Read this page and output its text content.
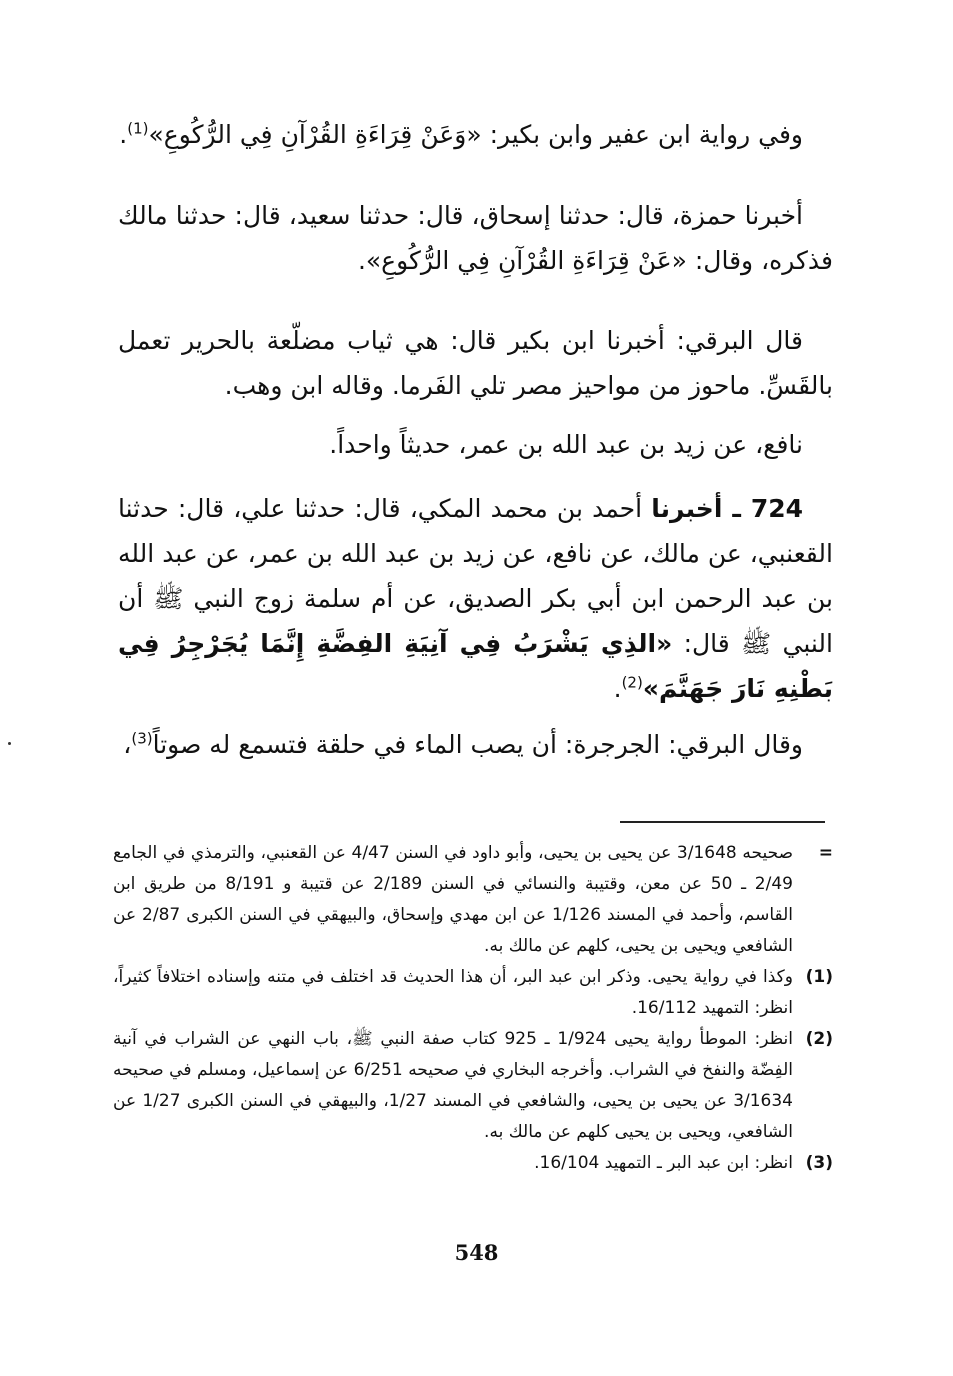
وفي رواية ابن عفير وابن بكير: «وَعَنْ قِرَاءَةِ القُرْآنِ فِي الرُّكُوعِ»$^{(1)}$.

أخبرنا حمزة، قال: حدثنا إسحاق، قال: حدثنا سعيد، قال: حدثنا مالك فذكره، وقال: «عَنْ قِرَاءَةِ القُرْآنِ فِي الرُّكُوعِ».

قال البرقي: أخبرنا ابن بكير قال: هي ثياب مضلّعة بالحرير تعمل بالقَسِّ. ماحوز من مواحيز مصر تلي الفَرما. وقاله ابن وهب.

نافع، عن زيد بن عبد الله بن عمر، حديثاً واحداً.

724 ـ أخبرنا أحمد بن محمد المكي، قال: حدثنا علي، قال: حدثنا القعنبي، عن مالك، عن نافع، عن زيد بن عبد الله بن عمر، عن عبد الله بن عبد الرحمن ابن أبي بكر الصديق، عن أم سلمة زوج النبي ﷺ أن النبي ﷺ قال: «الذِي يَشْرَبُ فِي آنِيَةِ الفِضَّةِ إِنَّمَا يُجَرْجِرُ فِي بَطْنِهِ نَارَ جَهَنَّمَ»$^{(2)}$.

وقال البرقي: الجرجرة: أن يصب الماء في حلقة فتسمع له صوتاً$^{(3)}$،

=
صحيحه 3/1648 عن يحيى بن يحيى، وأبو داود في السنن 4/47 عن القعنبي، والترمذي في الجامع 2/49 ـ 50 عن معن، وقتيبة والنسائي في السنن 2/189 عن قتيبة و 8/191 من طريق ابن القاسم، وأحمد في المسند 1/126 عن ابن مهدي وإسحاق، والبيهقي في السنن الكبرى 2/87 عن الشافعي ويحيى بن يحيى، كلهم عن مالك به.
(1)
وكذا في رواية يحيى. وذكر ابن عبد البر، أن هذا الحديث قد اختلف في متنه وإسناده اختلافاً كثيراً، انظر: التمهيد 16/112.
(2)
انظر: الموطأ رواية يحيى 1/924 ـ 925 كتاب صفة النبي ﷺ، باب النهي عن الشراب في آنية الفِضّة والنفخ في الشراب. وأخرجه البخاري في صحيحه 6/251 عن إسماعيل، ومسلم في صحيحه 3/1634 عن يحيى بن يحيى، والشافعي في المسند 1/27، والبيهقي في السنن الكبرى 1/27 عن الشافعي، ويحيى بن يحيى كلهم عن مالك به.
(3)
انظر: ابن عبد البر ـ التمهيد 16/104.
548
